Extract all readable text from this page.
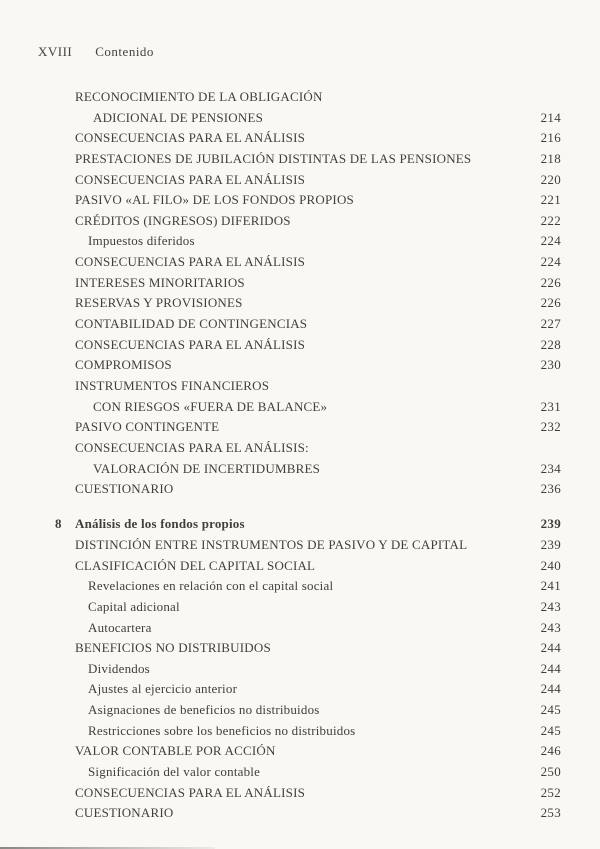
XVIII Contenido
RECONOCIMIENTO DE LA OBLIGACIÓN
ADICIONAL DE PENSIONES	214
CONSECUENCIAS PARA EL ANÁLISIS	216
PRESTACIONES DE JUBILACIÓN DISTINTAS DE LAS PENSIONES	218
CONSECUENCIAS PARA EL ANÁLISIS	220
PASIVO «AL FILO» DE LOS FONDOS PROPIOS	221
CRÉDITOS (INGRESOS) DIFERIDOS	222
Impuestos diferidos	224
CONSECUENCIAS PARA EL ANÁLISIS	224
INTERESES MINORITARIOS	226
RESERVAS Y PROVISIONES	226
CONTABILIDAD DE CONTINGENCIAS	227
CONSECUENCIAS PARA EL ANÁLISIS	228
COMPROMISOS	230
INSTRUMENTOS FINANCIEROS
CON RIESGOS «FUERA DE BALANCE»	231
PASIVO CONTINGENTE	232
CONSECUENCIAS PARA EL ANÁLISIS:
VALORACIÓN DE INCERTIDUMBRES	234
CUESTIONARIO	236
8 Análisis de los fondos propios	239
DISTINCIÓN ENTRE INSTRUMENTOS DE PASIVO Y DE CAPITAL	239
CLASIFICACIÓN DEL CAPITAL SOCIAL	240
Revelaciones en relación con el capital social	241
Capital adicional	243
Autocartera	243
BENEFICIOS NO DISTRIBUIDOS	244
Dividendos	244
Ajustes al ejercicio anterior	244
Asignaciones de beneficios no distribuidos	245
Restricciones sobre los beneficios no distribuidos	245
VALOR CONTABLE POR ACCIÓN	246
Significación del valor contable	250
CONSECUENCIAS PARA EL ANÁLISIS	252
CUESTIONARIO	253
